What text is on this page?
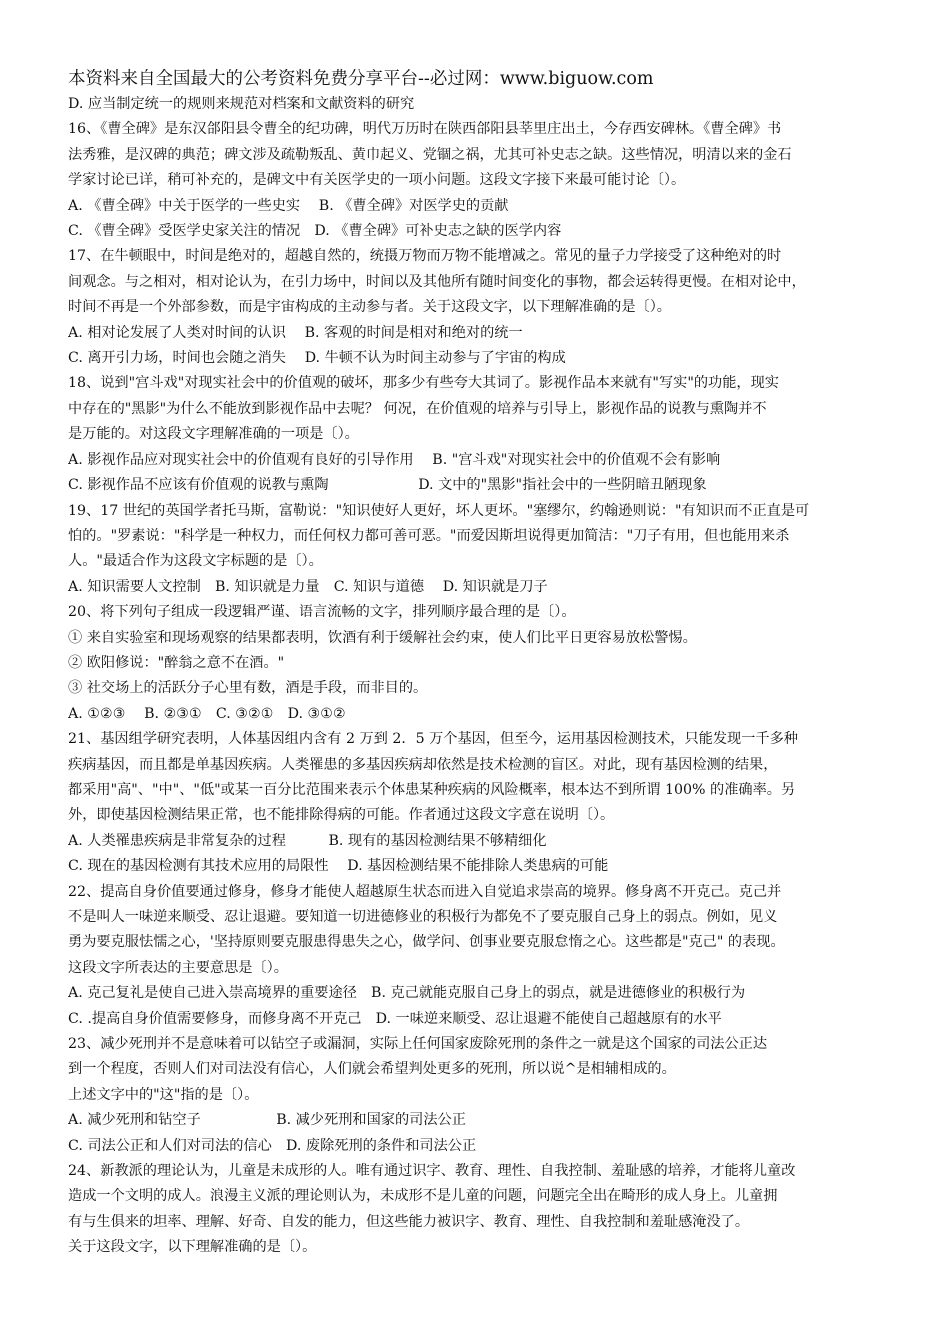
本资料来自全国最大的公考资料免费分享平台--必过网：www.biguow.com
D. 应当制定统一的规则来规范对档案和文献资料的研究
16、《曹全碑》是东汉郃阳县令曹全的纪功碑，明代万历时在陕西郃阳县莘里庄出土，今存西安碑林。《曹全碑》书
法秀雅，是汉碑的典范；碑文涉及疏勒叛乱、黄巾起义、党锢之祸，尤其可补史志之缺。这些情况，明清以来的金石
学家讨论已详，稍可补充的，是碑文中有关医学史的一项小问题。这段文字接下来最可能讨论〔）。
A. 《曹全碑》中关于医学的一些史实　 B. 《曹全碑》对医学史的贡献
C. 《曹全碑》受医学史家关注的情况　D. 《曹全碑》可补史志之缺的医学内容
17、在牛顿眼中，时间是绝对的，超越自然的，统摄万物而万物不能增减之。常见的量子力学接受了这种绝对的时
间观念。与之相对，相对论认为，在引力场中，时间以及其他所有随时间变化的事物，都会运转得更慢。在相对论中，
时间不再是一个外部参数，而是宇宙构成的主动参与者。关于这段文字，以下理解准确的是〔）。
A. 相对论发展了人类对时间的认识　 B. 客观的时间是相对和绝对的统一
C. 离开引力场，时间也会随之消失　 D. 牛顿不认为时间主动参与了宇宙的构成
18、说到"宫斗戏"对现实社会中的价值观的破坏，那多少有些夸大其词了。影视作品本来就有"写实"的功能，现实
中存在的"黑影"为什么不能放到影视作品中去呢？ 何况，在价值观的培养与引导上，影视作品的说教与熏陶并不
是万能的。对这段文字理解准确的一项是〔）。
A. 影视作品应对现实社会中的价值观有良好的引导作用　 B. "宫斗戏"对现实社会中的价值观不会有影响
C. 影视作品不应该有价值观的说教与熏陶　　　　　　 D. 文中的"黑影"指社会中的一些阴暗丑陋现象
19、17 世纪的英国学者托马斯，富勒说："知识使好人更好，坏人更坏。"塞缪尔，约翰逊则说："有知识而不正直是可
怕的。"罗素说："科学是一种权力，而任何权力都可善可恶。"而爱因斯坦说得更加简洁："刀子有用，但也能用来杀
人。"最适合作为这段文字标题的是〔）。
A. 知识需要人文控制　B. 知识就是力量　C. 知识与道德　 D. 知识就是刀子
20、将下列句子组成一段逻辑严谨、语言流畅的文字，排列顺序最合理的是〔）。
① 来自实验室和现场观察的结果都表明，饮酒有利于缓解社会约束，使人们比平日更容易放松警惕。
② 欧阳修说："醉翁之意不在酒。"
③ 社交场上的活跃分子心里有数，酒是手段，而非目的。
A. ①②③　 B. ②③①　C. ③②①　D. ③①②
21、基因组学研究表明，人体基因组内含有 2 万到 2．5 万个基因，但至今，运用基因检测技术，只能发现一千多种
疾病基因，而且都是单基因疾病。人类罹患的多基因疾病却依然是技术检测的盲区。对此，现有基因检测的结果，
都采用"高"、"中"、"低"或某一百分比范围来表示个体患某种疾病的风险概率，根本达不到所谓 100% 的准确率。另
外，即使基因检测结果正常，也不能排除得病的可能。作者通过这段文字意在说明〔）。
A. 人类罹患疾病是非常复杂的过程　　　B. 现有的基因检测结果不够精细化
C. 现在的基因检测有其技术应用的局限性　 D. 基因检测结果不能排除人类患病的可能
22、提高自身价值要通过修身，修身才能使人超越原生状态而进入自觉追求崇高的境界。修身离不开克己。克己并
不是叫人一味逆来顺受、忍让退避。要知道一切进德修业的积极行为都免不了要克服自己身上的弱点。例如，见义
勇为要克服怯懦之心，'坚持原则要克服患得患失之心，做学问、创事业要克服怠惰之心。这些都是"克己" 的表现。
这段文字所表达的主要意思是〔）。
A. 克己复礼是使自己进入崇高境界的重要途径　B. 克己就能克服自己身上的弱点，就是进德修业的积极行为
C. .提高自身价值需要修身，而修身离不开克己　D. 一味逆来顺受、忍让退避不能使自己超越原有的水平
23、减少死刑并不是意味着可以钻空子或漏洞，实际上任何国家废除死刑的条件之一就是这个国家的司法公正达
到一个程度，否则人们对司法没有信心，人们就会希望判处更多的死刑，所以说^是相辅相成的。
上述文字中的"这"指的是〔）。
A. 减少死刑和钻空子　　　　　 B. 减少死刑和国家的司法公正
C. 司法公正和人们对司法的信心　D. 废除死刑的条件和司法公正
24、新教派的理论认为，儿童是未成形的人。唯有通过识字、教育、理性、自我控制、羞耻感的培养，才能将儿童改
造成一个文明的成人。浪漫主义派的理论则认为，未成形不是儿童的问题，问题完全出在畸形的成人身上。儿童拥
有与生俱来的坦率、理解、好奇、自发的能力，但这些能力被识字、教育、理性、自我控制和羞耻感淹没了。
关于这段文字，以下理解准确的是〔）。
